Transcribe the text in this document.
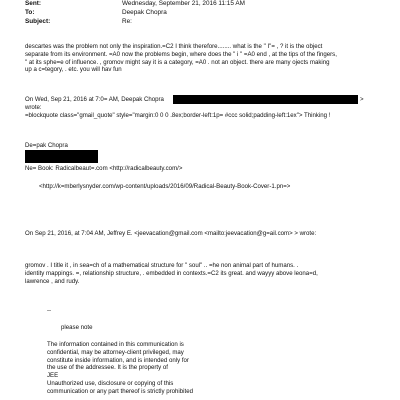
Sent:	Wednesday, September 21, 2016 11:15 AM
To:	Deepak Chopra
Subject:	Re:
descartes was the problem not only the inspiration.=C2 I think therefore........ what is the " I"= , ? it is the object
separate from its environment. =A0 now the problems begin, where does the " i " =A0 end , at the tips of the fingers,
" at its sphe=e of influence. , gromov might say it is a category, =A0 . not an object. there are many ojects making
up a c=tegory, . etc. you will hav fun
On Wed, Sep 21, 2016 at 7:0= AM, Deepak Chopra	>
wrote:
=blockquote class="gmail_quote" style="margin:0 0 0 .8ex;border-left:1p= #ccc solid;padding-left:1ex"> Thinking !
De=pak Chopra
Ne= Book: Radicalbeaut=.com <http://radicalbeauty.com/>
<http://k=mberlysnyder.com/wp-content/uploads/2016/09/Radical-Beauty-Book-Cover-1.pn=>
On Sep 21, 2016, at 7:04 AM, Jeffrey E. <jeevacation@gmail.com <mailto:jeevacation@g=ail.com> > wrote:
gromov . I title it , in sea=ch of a mathematical structure for " soul" .. =he non animal part of humans. .
identity mappings. =, relationship structure, . embedded in contexts.=C2 its great. and wayyy above leona=d,
lawrence , and rudy.
--
please note
The information contained in this communication is
confidential, may be attorney-client privileged, may
constitute inside information, and is intended only for
the use of the addressee. It is the property of
JEE
Unauthorized use, disclosure or copying of this
communication or any part thereof is strictly prohibited
